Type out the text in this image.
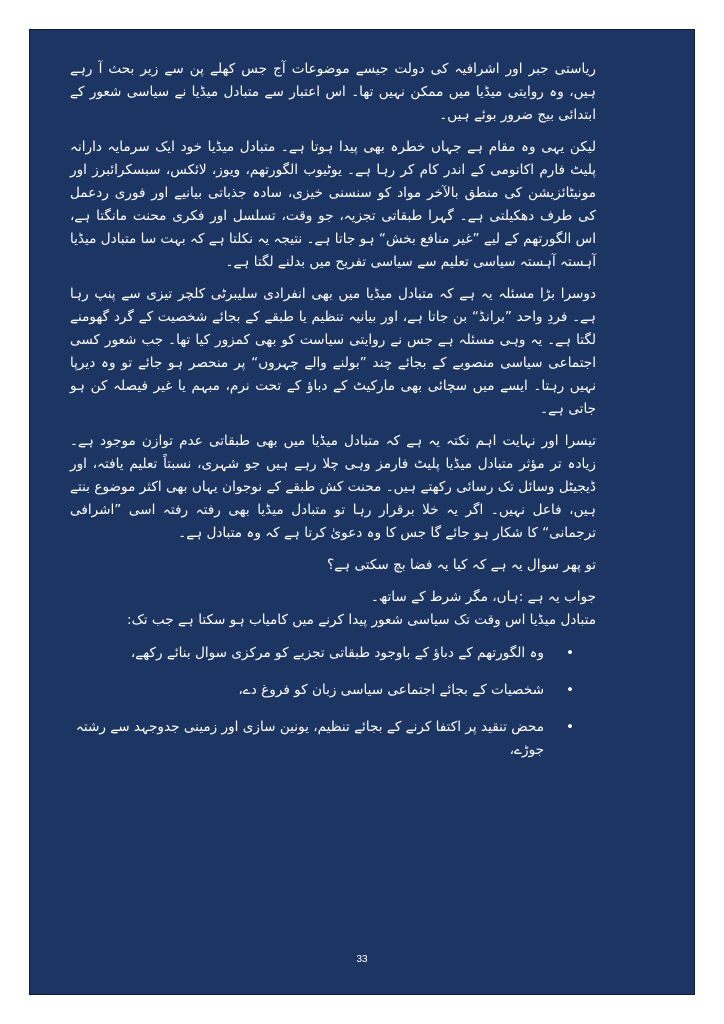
ریاستی جبر اور اشرافیہ کی دولت جیسے موضوعات آج جس کھلے پن سے زیر بحث آ رہے ہیں، وہ روایتی میڈیا میں ممکن نہیں تھا۔ اس اعتبار سے متبادل میڈیا نے سیاسی شعور کے ابتدائی بیج ضرور بوئے ہیں۔

لیکن یہی وہ مقام ہے جہاں خطرہ بھی پیدا ہوتا ہے۔ متبادل میڈیا خود ایک سرمایہ دارانہ پلیٹ فارم اکانومی کے اندر کام کر رہا ہے۔ یوٹیوب الگورتھم، ویوز، لائکس، سبسکرائبرز اور مونیٹائزیشن کی منطق بالآخر مواد کو سنسنی خیزی، سادہ جذباتی بیانیے اور فوری ردعمل کی طرف دھکیلتی ہے۔ گہرا طبقاتی تجزیہ، جو وقت، تسلسل اور فکری محنت مانگتا ہے، اس الگورتھم کے لیے ”غیر منافع بخش“ ہو جاتا ہے۔ نتیجہ یہ نکلتا ہے کہ بہت سا متبادل میڈیا آہستہ آہستہ سیاسی تعلیم سے سیاسی تفریح میں بدلنے لگتا ہے۔

دوسرا بڑا مسئلہ یہ ہے کہ متبادل میڈیا میں بھی انفرادی سلیبرٹی کلچر تیزی سے پنپ رہا ہے۔ فردِ واحد ”برانڈ“ بن جاتا ہے، اور بیانیہ تنظیم یا طبقے کے بجائے شخصیت کے گرد گھومنے لگتا ہے۔ یہ وہی مسئلہ ہے جس نے روایتی سیاست کو بھی کمزور کیا تھا۔ جب شعور کسی اجتماعی سیاسی منصوبے کے بجائے چند ”بولنے والے چہروں“ پر منحصر ہو جائے تو وہ دیرپا نہیں رہتا۔ ایسے میں سچائی بھی مارکیٹ کے دباؤ کے تحت نرم، مبہم یا غیر فیصلہ کن ہو جاتی ہے۔

تیسرا اور نہایت اہم نکتہ یہ ہے کہ متبادل میڈیا میں بھی طبقاتی عدم توازن موجود ہے۔ زیادہ تر مؤثر متبادل میڈیا پلیٹ فارمز وہی چلا رہے ہیں جو شہری، نسبتاً تعلیم یافتہ، اور ڈیجیٹل وسائل تک رسائی رکھتے ہیں۔ محنت کش طبقے کے نوجوان یہاں بھی اکثر موضوع بنتے ہیں، فاعل نہیں۔ اگر یہ خلا برقرار رہا تو متبادل میڈیا بھی رفتہ رفتہ اسی ”اشرافی ترجمانی“ کا شکار ہو جائے گا جس کا وہ دعویٰ کرتا ہے کہ وہ متبادل ہے۔

تو پھر سوال یہ ہے کہ کیا یہ فضا بچ سکتی ہے؟

جواب یہ ہے :ہاں، مگر شرط کے ساتھ۔
متبادل میڈیا اس وقت تک سیاسی شعور پیدا کرنے میں کامیاب ہو سکتا ہے جب تک:
•
وہ الگورتھم کے دباؤ کے باوجود طبقاتی تجزیے کو مرکزی سوال بنائے رکھے،
•
شخصیات کے بجائے اجتماعی سیاسی زبان کو فروغ دے،
•
محض تنقید پر اکتفا کرنے کے بجائے تنظیم، یونین سازی اور زمینی جدوجہد سے رشتہ جوڑے،
33
